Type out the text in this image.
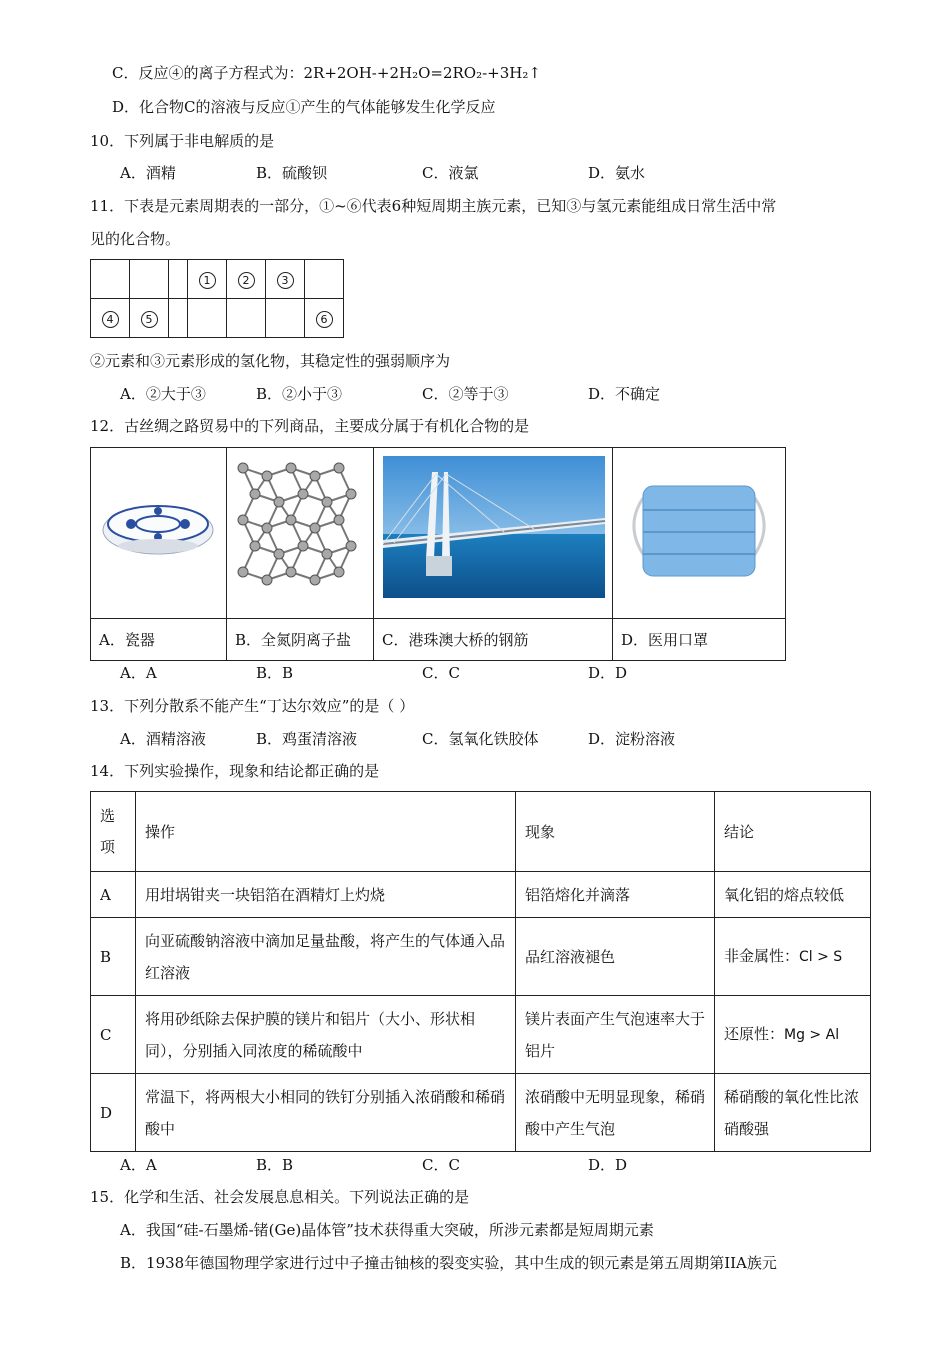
C．反应④的离子方程式为：2R+2OH-+2H₂O=2RO₂-+3H₂↑
D．化合物C的溶液与反应①产生的气体能够发生化学反应
10．下列属于非电解质的是
A．酒精	B．硫酸钡	C．液氯	D．氨水
11．下表是元素周期表的一部分，①~⑥代表6种短周期主族元素，已知③与氢元素能组成日常生活中常
见的化合物。
			1	2	3	
4	5					6
②元素和③元素形成的氢化物，其稳定性的强弱顺序为
A．②大于③	B．②小于③	C．②等于③	D．不确定
12．古丝绸之路贸易中的下列商品，主要成分属于有机化合物的是

A．瓷器	B．全氮阴离子盐	C．港珠澳大桥的钢筋	D．医用口罩
A．A	B．B	C．C	D．D
13．下列分散系不能产生“丁达尔效应”的是（ ）
A．酒精溶液	B．鸡蛋清溶液	C．氢氧化铁胶体	D．淀粉溶液
14．下列实验操作，现象和结论都正确的是
选项	操作	现象	结论
A	用坩埚钳夹一块铝箔在酒精灯上灼烧	铝箔熔化并滴落	氧化铝的熔点较低
B	向亚硫酸钠溶液中滴加足量盐酸，将产生的气体通入品红溶液	品红溶液褪色	非金属性：Cl > S
C	将用砂纸除去保护膜的镁片和铝片（大小、形状相同），分别插入同浓度的稀硫酸中	镁片表面产生气泡速率大于铝片	还原性：Mg > Al
D	常温下，将两根大小相同的铁钉分别插入浓硝酸和稀硝酸中	浓硝酸中无明显现象，稀硝酸中产生气泡	稀硝酸的氧化性比浓硝酸强
A．A	B．B	C．C	D．D
15．化学和生活、社会发展息息相关。下列说法正确的是
A．我国“硅-石墨烯-锗(Ge)晶体管”技术获得重大突破，所涉元素都是短周期元素
B．1938年德国物理学家进行过中子撞击铀核的裂变实验，其中生成的钡元素是第五周期第IIA族元
